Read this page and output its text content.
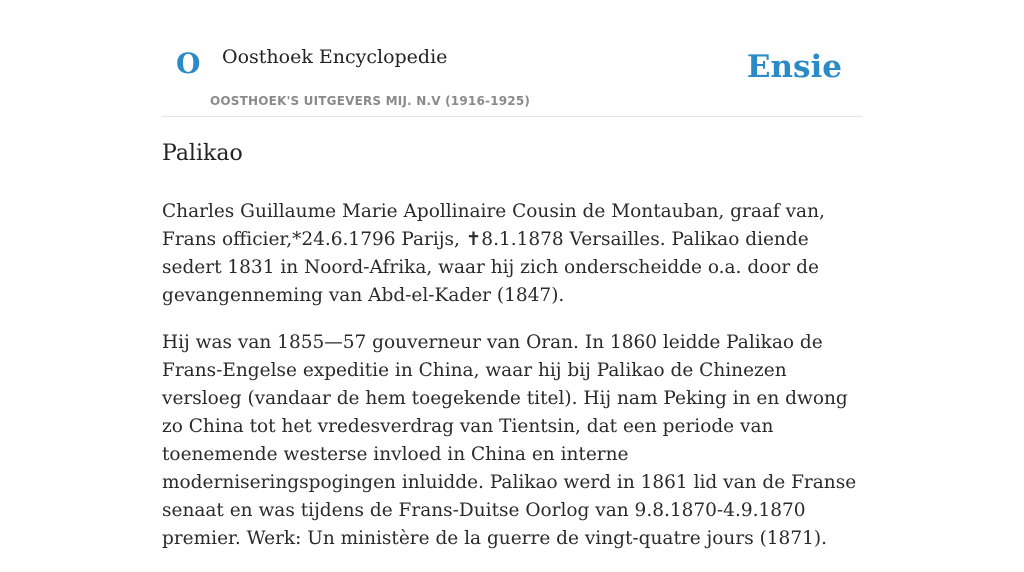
O Oosthoek Encyclopedie
OOSTHOEK'S UITGEVERS MIJ. N.V (1916-1925)
Ensie
Palikao

Charles Guillaume Marie Apollinaire Cousin de Montauban, graaf van, Frans officier,*24.6.1796 Parijs, ✝8.1.1878 Versailles. Palikao diende sedert 1831 in Noord-Afrika, waar hij zich onderscheidde o.a. door de gevangenneming van Abd-el-Kader (1847).

Hij was van 1855—57 gouverneur van Oran. In 1860 leidde Palikao de Frans-Engelse expeditie in China, waar hij bij Palikao de Chinezen versloeg (vandaar de hem toegekende titel). Hij nam Peking in en dwong zo China tot het vredesverdrag van Tientsin, dat een periode van toenemende westerse invloed in China en interne moderniseringspogingen inluidde. Palikao werd in 1861 lid van de Franse senaat en was tijdens de Frans-Duitse Oorlog van 9.8.1870-4.9.1870 premier. Werk: Un ministère de la guerre de vingt-quatre jours (1871).
